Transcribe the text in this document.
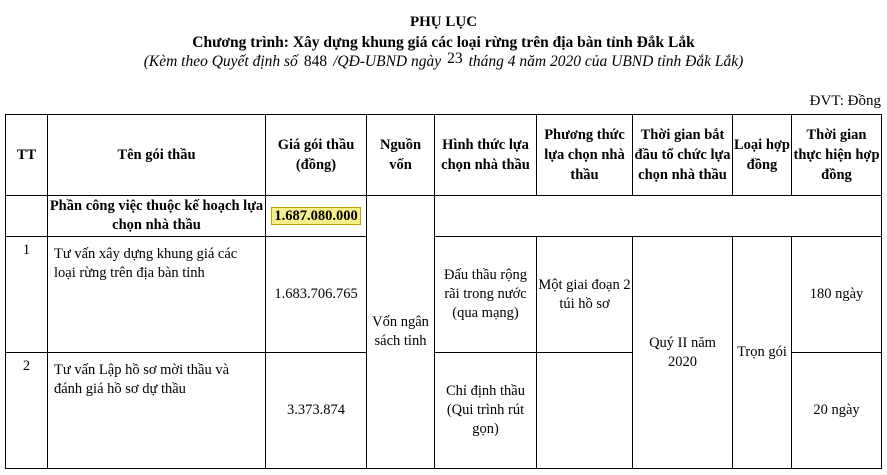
PHỤ LỤC
Chương trình: Xây dựng khung giá các loại rừng trên địa bàn tỉnh Đắk Lắk
(Kèm theo Quyết định số 848 /QĐ-UBND ngày 23 tháng 4 năm 2020 của UBND tỉnh Đắk Lắk)
ĐVT: Đồng
TT	Tên gói thầu	Giá gói thầu (đồng)	Nguồn vốn	Hình thức lựa chọn nhà thầu	Phương thức lựa chọn nhà thầu	Thời gian bắt đầu tổ chức lựa chọn nhà thầu	Loại hợp đồng	Thời gian thực hiện hợp đồng
	Phần công việc thuộc kế hoạch lựa chọn nhà thầu	1.687.080.000	Vốn ngân sách tỉnh					
1	Tư vấn xây dựng khung giá các loại rừng trên địa bàn tỉnh	1.683.706.765		Đấu thầu rộng rãi trong nước (qua mạng)	Một giai đoạn 2 túi hồ sơ	Quý II năm 2020	Trọn gói	180 ngày
2	Tư vấn Lập hồ sơ mời thầu và đánh giá hồ sơ dự thầu	3.373.874		Chỉ định thầu (Qui trình rút gọn)				20 ngày
